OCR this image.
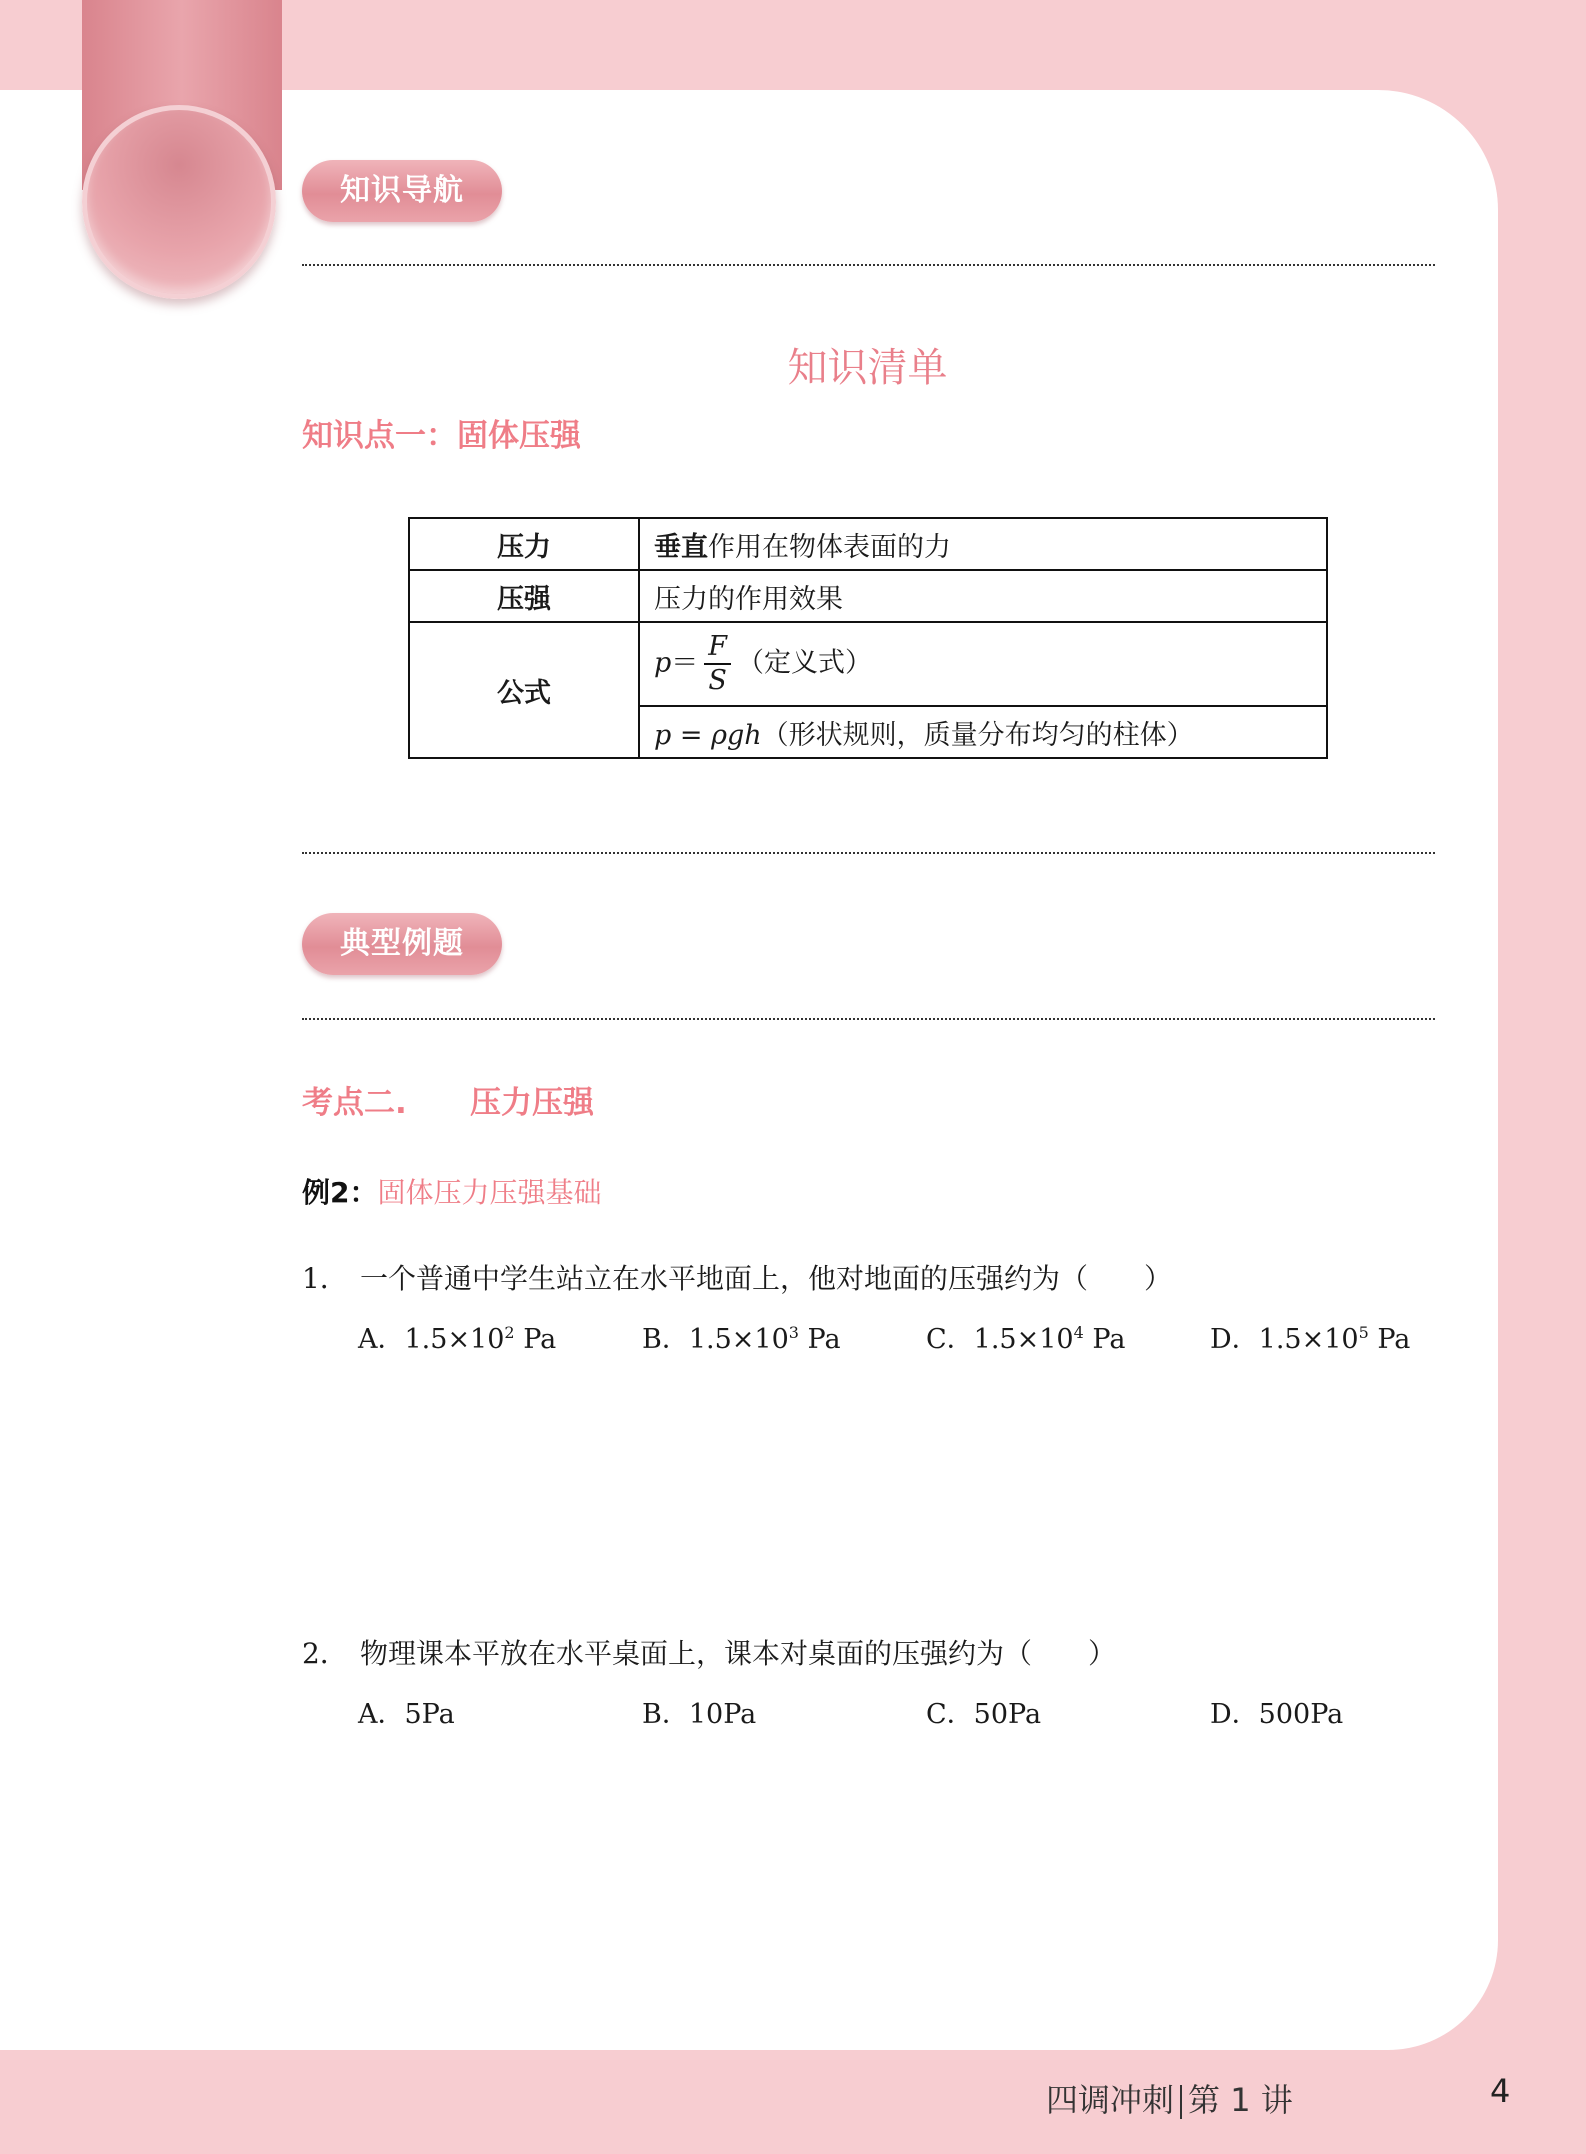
知识导航
知识清单
知识点一：固体压强
压力	垂直作用在物体表面的力
压强	压力的作用效果
公式	$p= \frac{F}{S}$ （定义式）
	p = ρgh（形状规则，质量分布均匀的柱体）
典型例题
考点二. 压力压强
例2：固体压力压强基础
1． 一个普通中学生站立在水平地面上，他对地面的压强约为（　　）
A．$1.5\times 10^2$ Pa	B．$1.5\times 10^3$ Pa	C．$1.5\times 10^4$ Pa	D．$1.5\times 10^5$ Pa
2． 物理课本平放在水平桌面上，课本对桌面的压强约为（　　）
A．5Pa	B．10Pa	C．50Pa	D．500Pa
四调冲刺 第 1 讲	4
